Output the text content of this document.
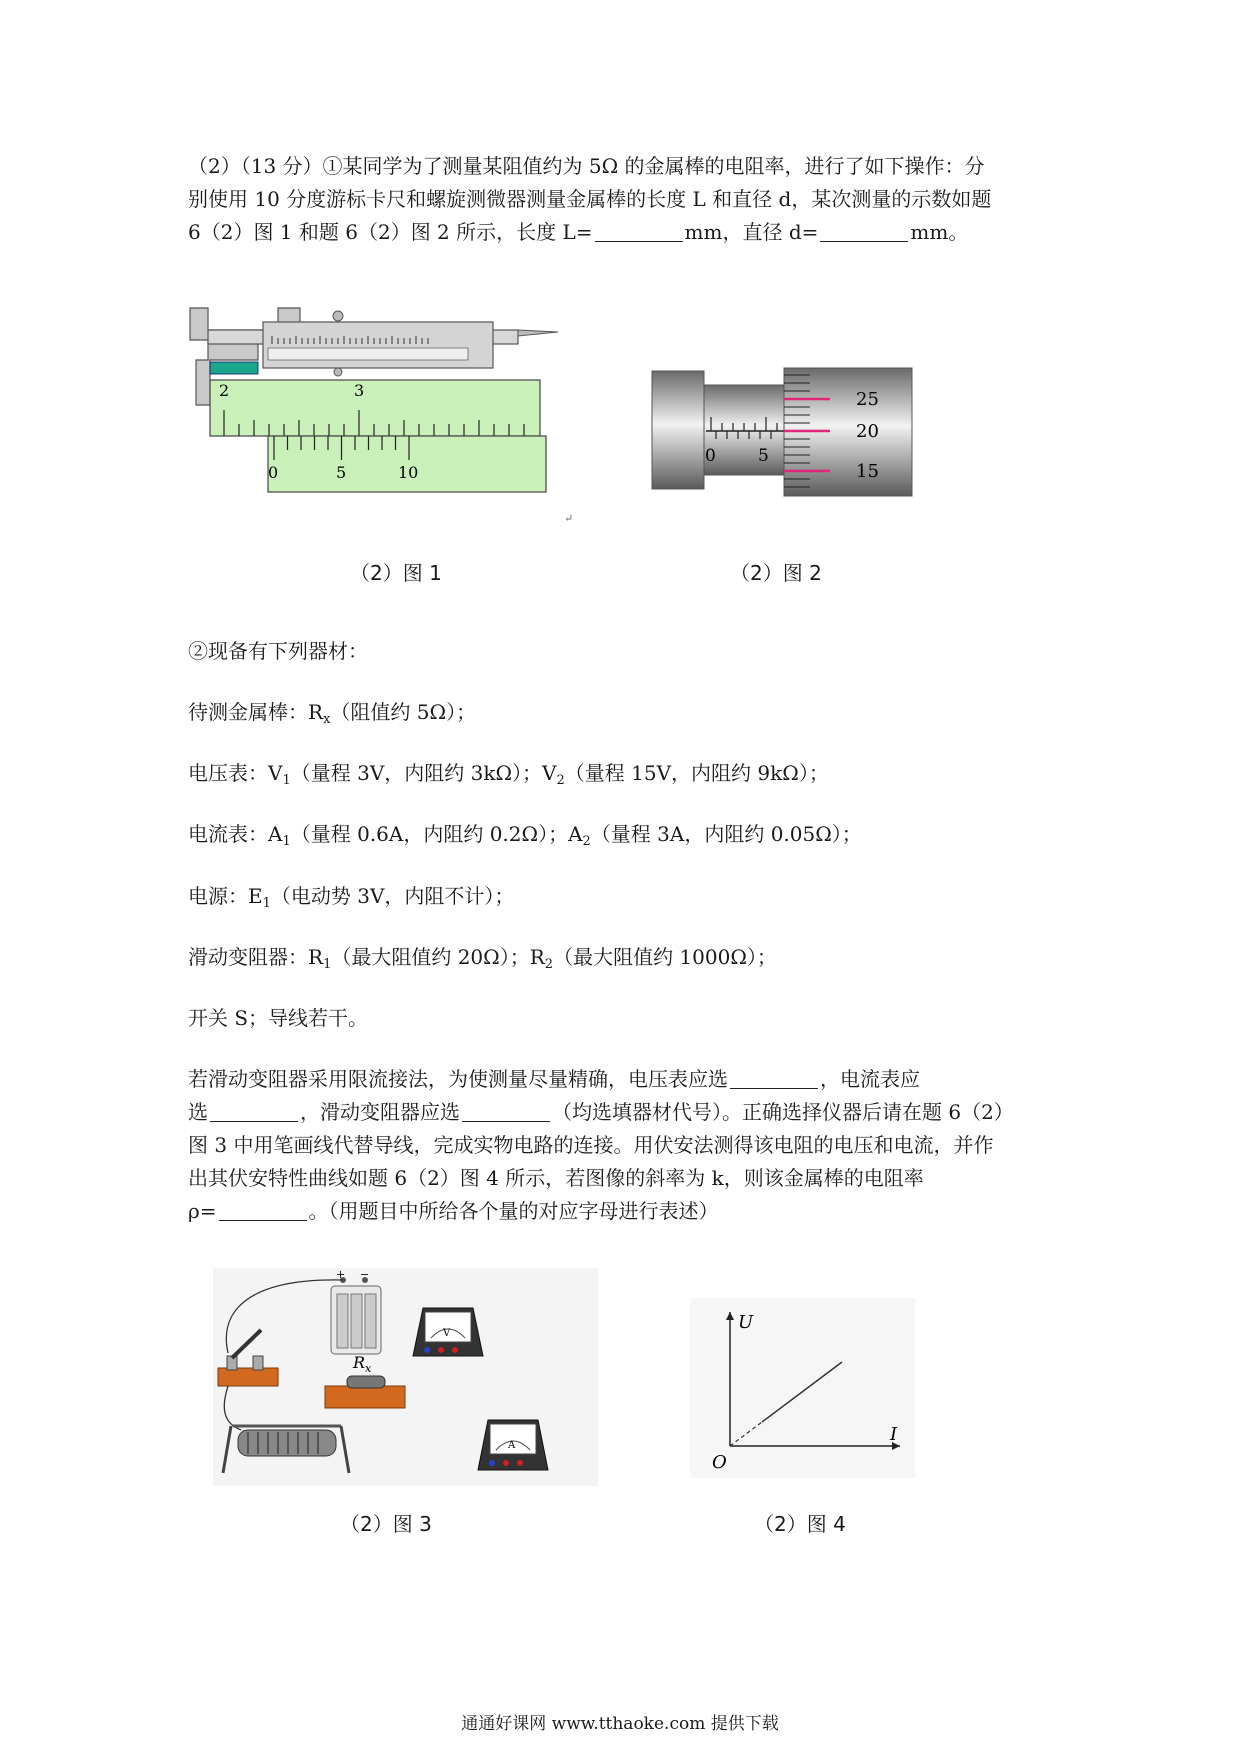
（2）（13 分）①某同学为了测量某阻值约为 5Ω 的金属棒的电阻率，进行了如下操作：分
别使用 10 分度游标卡尺和螺旋测微器测量金属棒的长度 L 和直径 d，某次测量的示数如题
6（2）图 1 和题 6（2）图 2 所示，长度 L=	mm，直径 d=	mm。
2	3
0	5	10
↵
（2）图 1
0 5
25
20
15
（2）图 2
②现备有下列器材：
待测金属棒：$R_x$（阻值约 5Ω）；
电压表：$V_1$（量程 3V，内阻约 3kΩ）；$V_2$（量程 15V，内阻约 9kΩ）；
电流表：$A_1$（量程 0.6A，内阻约 0.2Ω）；$A_2$（量程 3A，内阻约 0.05Ω）；
电源：$E_1$（电动势 3V，内阻不计）；
滑动变阻器：$R_1$（最大阻值约 20Ω）；$R_2$（最大阻值约 1000Ω）；
开关 S；导线若干。
若滑动变阻器采用限流接法，为使测量尽量精确，电压表应选	，电流表应
选	，滑动变阻器应选	（均选填器材代号）。正确选择仪器后请在题 6（2）
图 3 中用笔画线代替导线，完成实物电路的连接。用伏安法测得该电阻的电压和电流，并作
出其伏安特性曲线如题 6（2）图 4 所示，若图像的斜率为 k，则该金属棒的电阻率
ρ=	。（用题目中所给各个量的对应字母进行表述）
+ −
$R_x$
V
A
（2）图 3
U
I
O
（2）图 4
通通好课网 www.tthaoke.com 提供下载
